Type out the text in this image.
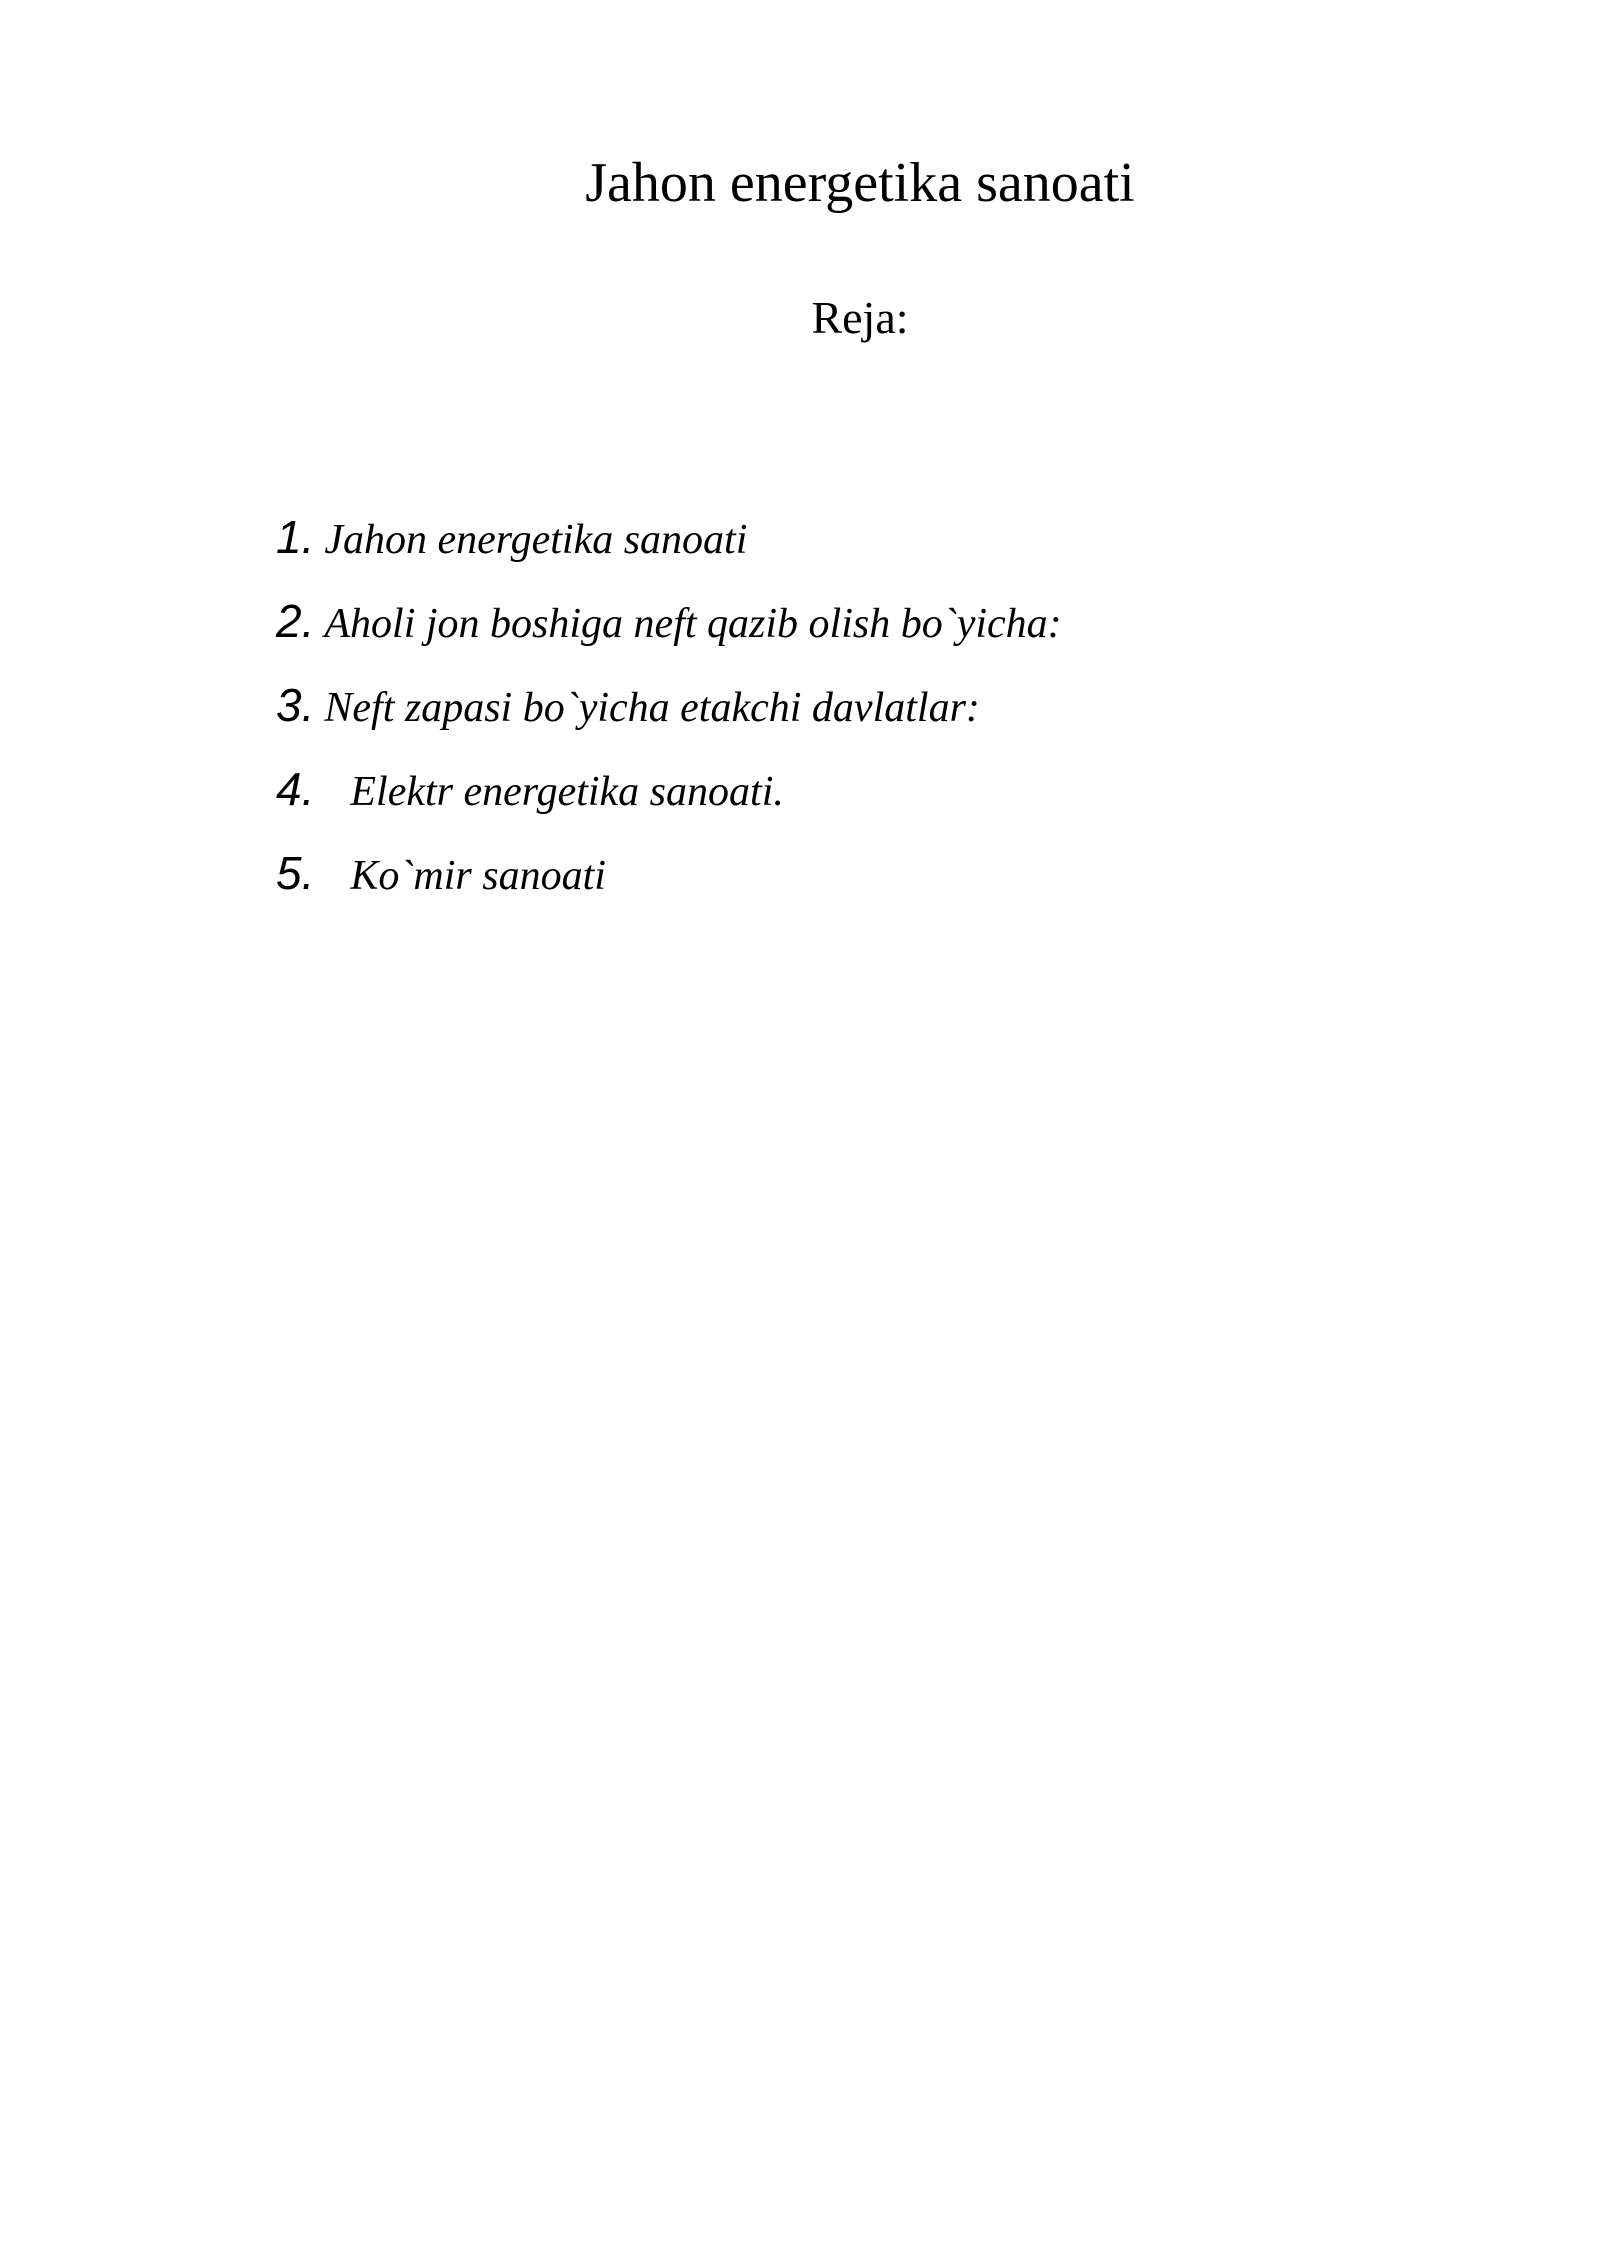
Jahon energetika sanoati
Reja:
1. Jahon energetika sanoati
2. Aholi jon boshiga neft qazib olish bo`yicha:
3. Neft zapasi bo`yicha etakchi davlatlar:
4. Elektr energetika sanoati.
5. Ko`mir sanoati
